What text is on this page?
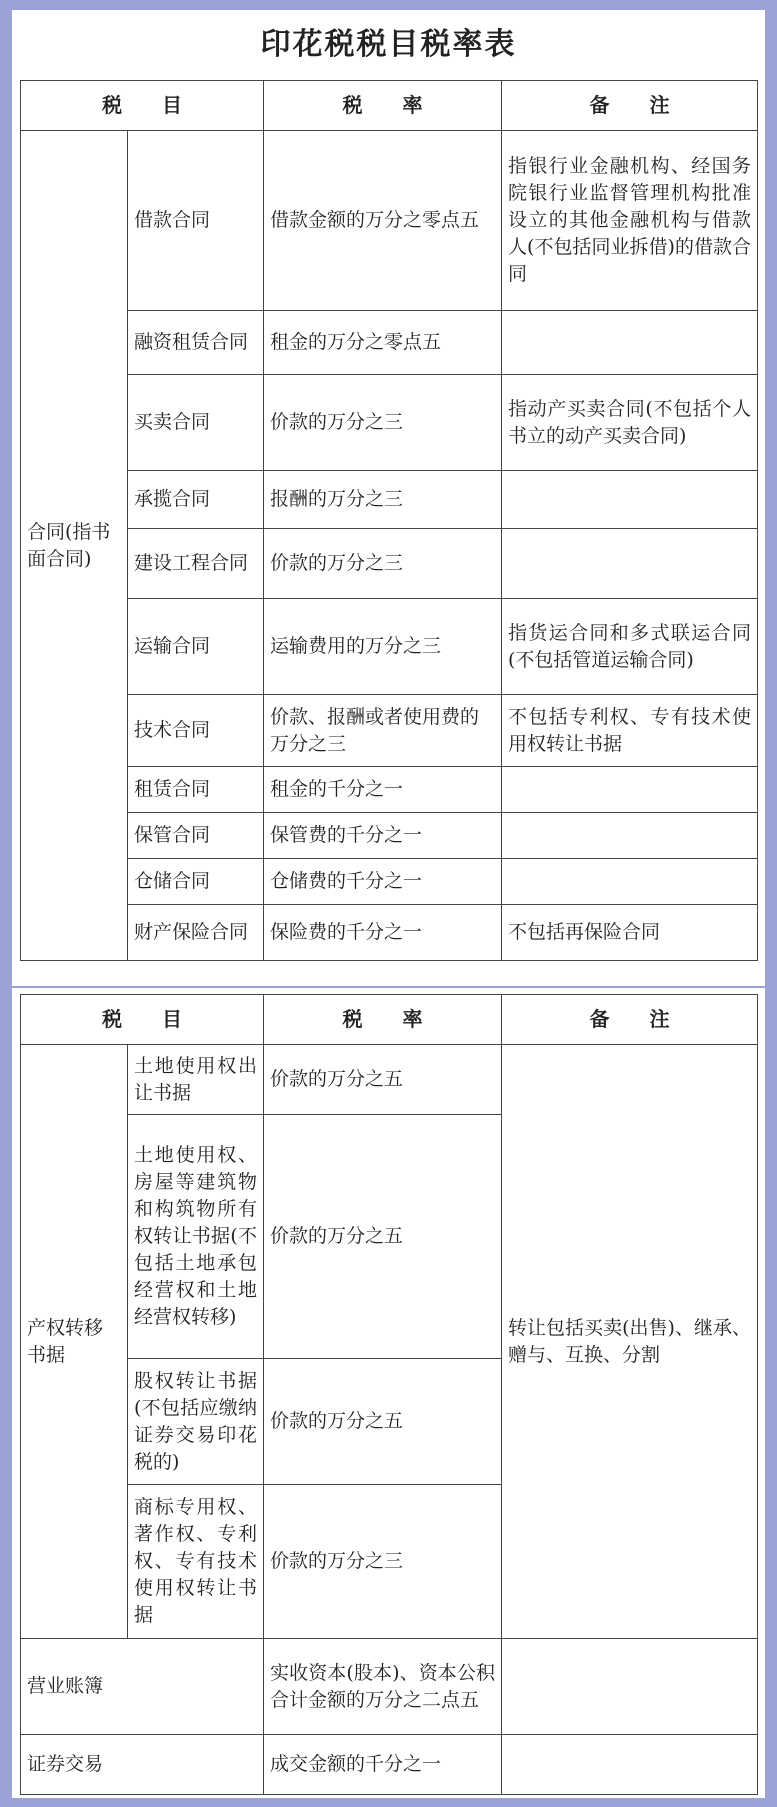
印花税税目税率表
税　　目		税　　率	备　　注
合同(指书面合同)	借款合同	借款金额的万分之零点五	指银行业金融机构、经国务院银行业监督管理机构批准设立的其他金融机构与借款人(不包括同业拆借)的借款合同
	融资租赁合同	租金的万分之零点五	
	买卖合同	价款的万分之三	指动产买卖合同(不包括个人书立的动产买卖合同)
	承揽合同	报酬的万分之三	
	建设工程合同	价款的万分之三	
	运输合同	运输费用的万分之三	指货运合同和多式联运合同(不包括管道运输合同)
	技术合同	价款、报酬或者使用费的万分之三	不包括专利权、专有技术使用权转让书据
	租赁合同	租金的千分之一	
	保管合同	保管费的千分之一	
	仓储合同	仓储费的千分之一	
	财产保险合同	保险费的千分之一	不包括再保险合同
税　　目		税　　率	备　　注
产权转移书据	土地使用权出让书据	价款的万分之五	转让包括买卖(出售)、继承、赠与、互换、分割
	土地使用权、房屋等建筑物和构筑物所有权转让书据(不包括土地承包经营权和土地经营权转移)	价款的万分之五	
	股权转让书据(不包括应缴纳证券交易印花税的)	价款的万分之五	
	商标专用权、著作权、专利权、专有技术使用权转让书据	价款的万分之三	
营业账簿		实收资本(股本)、资本公积合计金额的万分之二点五	
证券交易		成交金额的千分之一	
